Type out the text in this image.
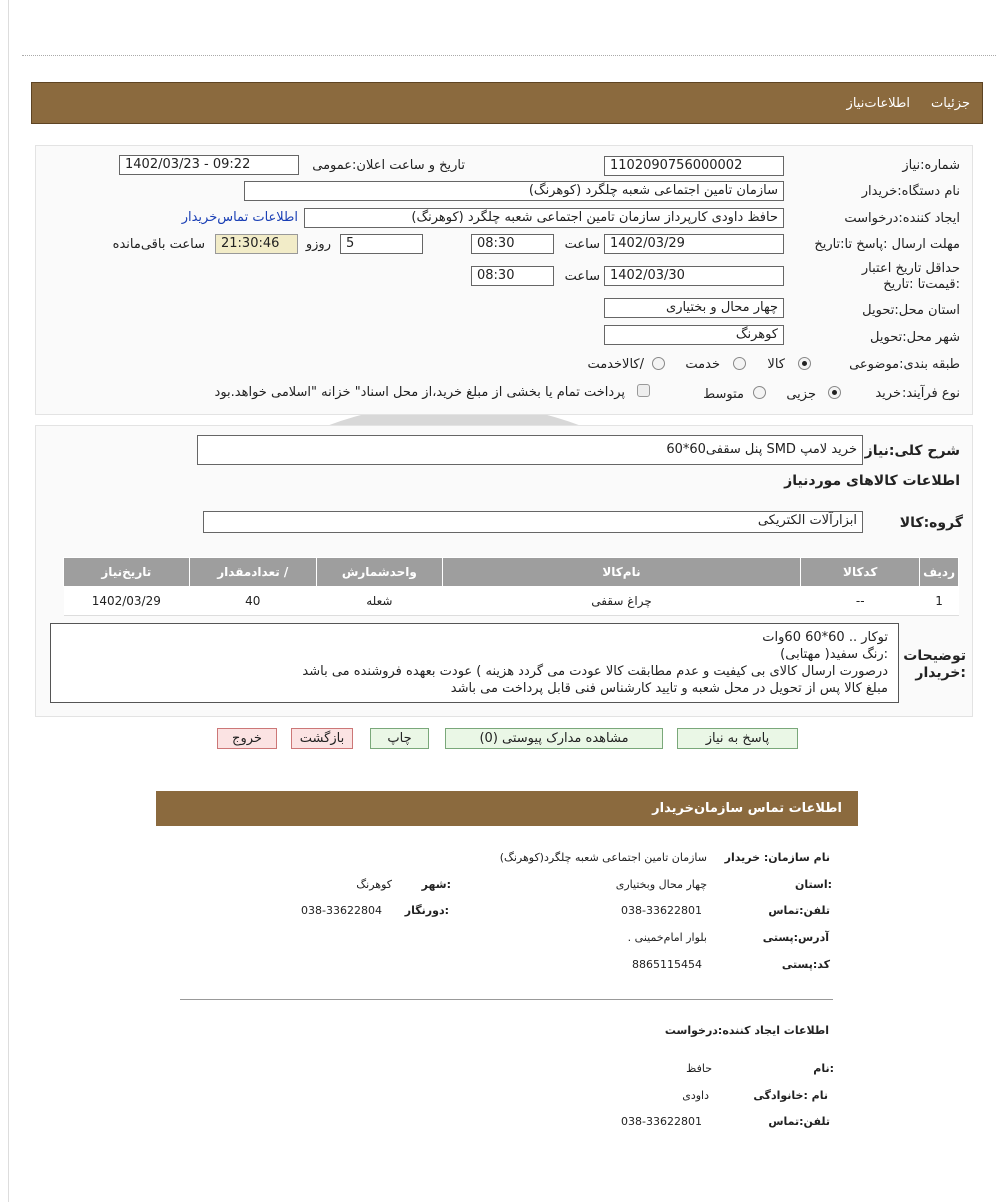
جزئیات
اطلاعات‌نیاز
شماره:نیاز
1102090756000002
تاریخ و ساعت اعلان:عمومی
1402/03/23 - 09:22
نام دستگاه:خریدار
سازمان تامین اجتماعی شعبه چلگرد (کوهرنگ)
ایجاد کننده:درخواست
حافظ داودی کارپرداز سازمان تامین اجتماعی شعبه چلگرد (کوهرنگ)
اطلاعات تماس‌خریدار
مهلت ارسال :پاسخ تا:تاریخ
1402/03/29
ساعت
08:30
5
روزو
21:30:46
ساعت باقی‌مانده
حداقل تاریخ اعتبار :قیمت‌تا :تاریخ
1402/03/30
ساعت
08:30
استان محل:تحویل
چهار محال و بختیاری
شهر محل:تحویل
کوهرنگ
طبقه بندی:موضوعی
کالا
خدمت
/کالاخدمت
نوع فرآیند:
خرید
جزیی
متوسط
پرداخت تمام یا بخشی از مبلغ خرید،از محل اسناد" خزانه "اسلامی خواهد.بود
شرح کلی:نیاز
خرید لامپ SMD پنل سقفی60*60
اطلاعات کالاهای موردنیاز
گروه:کالا
ابزارآلات الکتریکی
ردیف	کدکالا	نام‌کالا	واحدشمارش	/ تعدادمقدار	تاریخ‌نیاز
1	--	چراغ سقفی	شعله	40	1402/03/29
توضیحات :خریدار
توکار .. 60*60 60وات
:رنگ سفید( مهتابی)
درصورت ارسال کالای بی کیفیت و عدم مطابقت کالا عودت می گردد هزینه ) عودت بعهده فروشنده می باشد
مبلغ کالا پس از تحویل در محل شعبه و تایید کارشناس فنی قابل پرداخت می باشد
پاسخ به نیاز
مشاهده مدارک پیوستی (0)
چاپ
بازگشت
خروج
اطلاعات تماس سازمان‌خریدار
نام سازمان: خریدار
سازمان تامین اجتماعی شعبه چلگرد(کوهرنگ)
:استان
چهار محال وبختیاری
:شهر
کوهرنگ
تلفن:تماس
038-33622801
:دورنگار
038-33622804
آدرس:پستی
بلوار امام‌خمینی .
کد:پستی
8865115454
اطلاعات ایجاد کننده:درخواست
:نام
حافظ
نام :خانوادگی
داودی
تلفن:تماس
038-33622801
